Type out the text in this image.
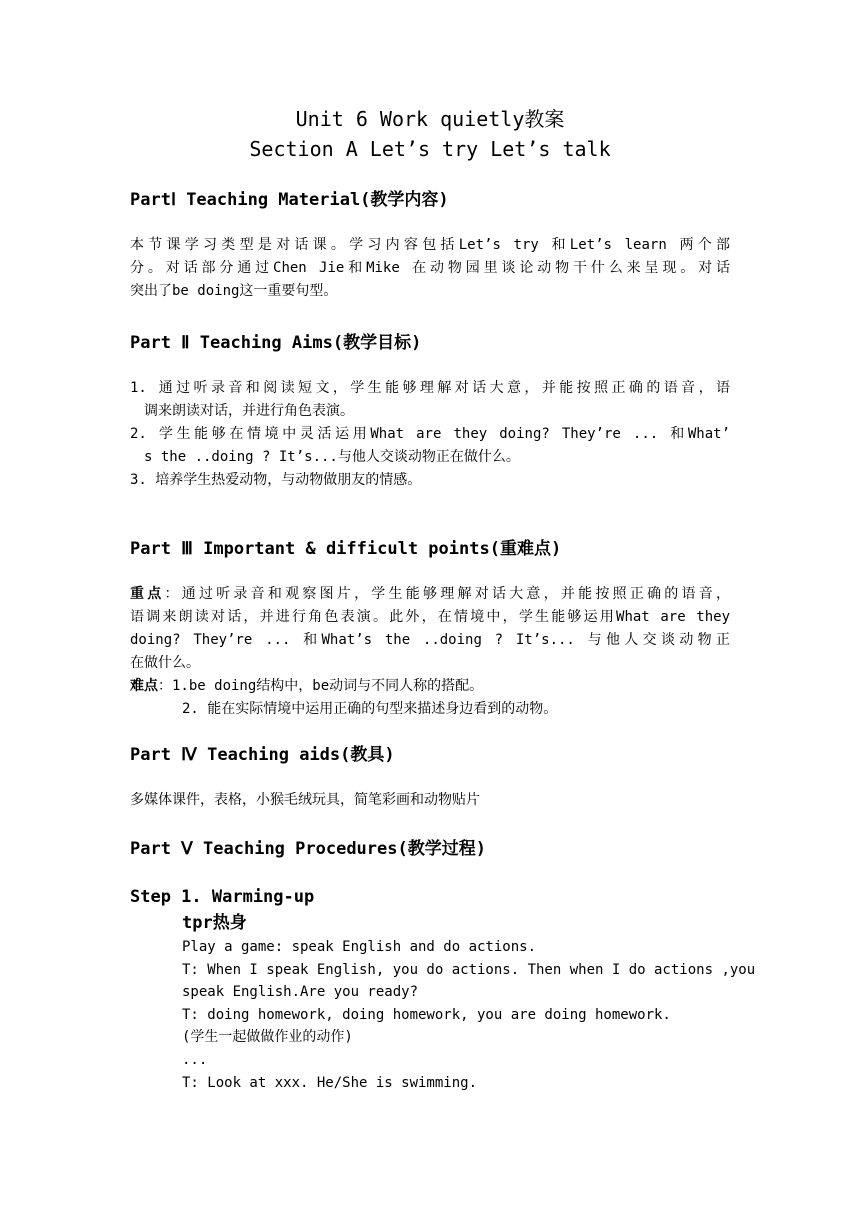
Unit 6 Work quietly教案
Section A Let’s try Let’s talk
PartⅠ Teaching Material(教学内容)
本节课学习类型是对话课。学习内容包括Let’s try 和Let’s learn 两个部
分。对话部分通过Chen Jie和Mike 在动物园里谈论动物干什么来呈现。对话
突出了be doing这一重要句型。
Part Ⅱ Teaching Aims(教学目标)
1. 通过听录音和阅读短文，学生能够理解对话大意，并能按照正确的语音，语
调来朗读对话，并进行角色表演。
2. 学生能够在情境中灵活运用What are they doing? They’re ... 和What’
s the ..doing ? It’s...与他人交谈动物正在做什么。
3. 培养学生热爱动物，与动物做朋友的情感。
Part Ⅲ Important & difficult points(重难点)
重点：通过听录音和观察图片，学生能够理解对话大意，并能按照正确的语音，
语调来朗读对话，并进行角色表演。此外，在情境中，学生能够运用What are they
doing? They’re ... 和What’s the ..doing ? It’s... 与他人交谈动物正
在做什么。
难点：1.be doing结构中，be动词与不同人称的搭配。
2. 能在实际情境中运用正确的句型来描述身边看到的动物。
Part Ⅳ Teaching aids(教具)
多媒体课件，表格，小猴毛绒玩具，简笔彩画和动物贴片
Part Ⅴ Teaching Procedures(教学过程)
Step 1. Warming-up
tpr热身
Play a game: speak English and do actions.
T: When I speak English, you do actions. Then when I do actions ,you
speak English.Are you ready?
T: doing homework, doing homework, you are doing homework.
(学生一起做做作业的动作)
...
T: Look at xxx. He/She is swimming.
